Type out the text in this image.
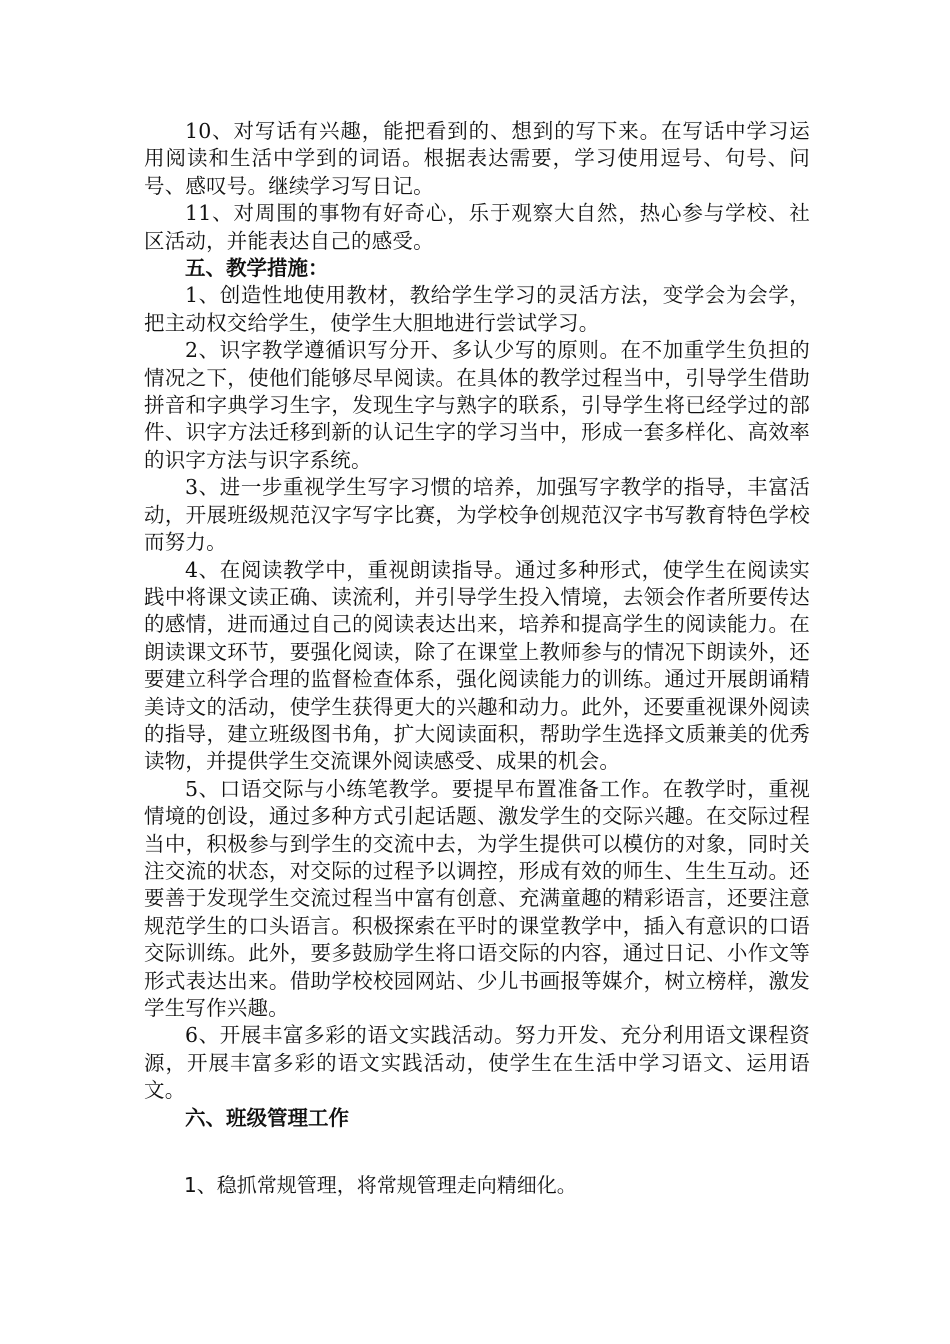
10、对写话有兴趣，能把看到的、想到的写下来。在写话中学习运用阅读和生活中学到的词语。根据表达需要，学习使用逗号、句号、问号、感叹号。继续学习写日记。

11、对周围的事物有好奇心，乐于观察大自然，热心参与学校、社区活动，并能表达自己的感受。

五、教学措施：

1、创造性地使用教材，教给学生学习的灵活方法，变学会为会学，把主动权交给学生，使学生大胆地进行尝试学习。

2、识字教学遵循识写分开、多认少写的原则。在不加重学生负担的情况之下，使他们能够尽早阅读。在具体的教学过程当中，引导学生借助拼音和字典学习生字，发现生字与熟字的联系，引导学生将已经学过的部件、识字方法迁移到新的认记生字的学习当中，形成一套多样化、高效率的识字方法与识字系统。

3、进一步重视学生写字习惯的培养，加强写字教学的指导，丰富活动，开展班级规范汉字写字比赛，为学校争创规范汉字书写教育特色学校而努力。

4、在阅读教学中，重视朗读指导。通过多种形式，使学生在阅读实践中将课文读正确、读流利，并引导学生投入情境，去领会作者所要传达的感情，进而通过自己的阅读表达出来，培养和提高学生的阅读能力。在朗读课文环节，要强化阅读，除了在课堂上教师参与的情况下朗读外，还要建立科学合理的监督检查体系，强化阅读能力的训练。通过开展朗诵精美诗文的活动，使学生获得更大的兴趣和动力。此外，还要重视课外阅读的指导，建立班级图书角，扩大阅读面积，帮助学生选择文质兼美的优秀读物，并提供学生交流课外阅读感受、成果的机会。

5、口语交际与小练笔教学。要提早布置准备工作。在教学时，重视情境的创设，通过多种方式引起话题、激发学生的交际兴趣。在交际过程当中，积极参与到学生的交流中去，为学生提供可以模仿的对象，同时关注交流的状态，对交际的过程予以调控，形成有效的师生、生生互动。还要善于发现学生交流过程当中富有创意、充满童趣的精彩语言，还要注意规范学生的口头语言。积极探索在平时的课堂教学中，插入有意识的口语交际训练。此外，要多鼓励学生将口语交际的内容，通过日记、小作文等形式表达出来。借助学校校园网站、少儿书画报等媒介，树立榜样，激发学生写作兴趣。

6、开展丰富多彩的语文实践活动。努力开发、充分利用语文课程资源，开展丰富多彩的语文实践活动，使学生在生活中学习语文、运用语文。

六、班级管理工作

1、稳抓常规管理，将常规管理走向精细化。
